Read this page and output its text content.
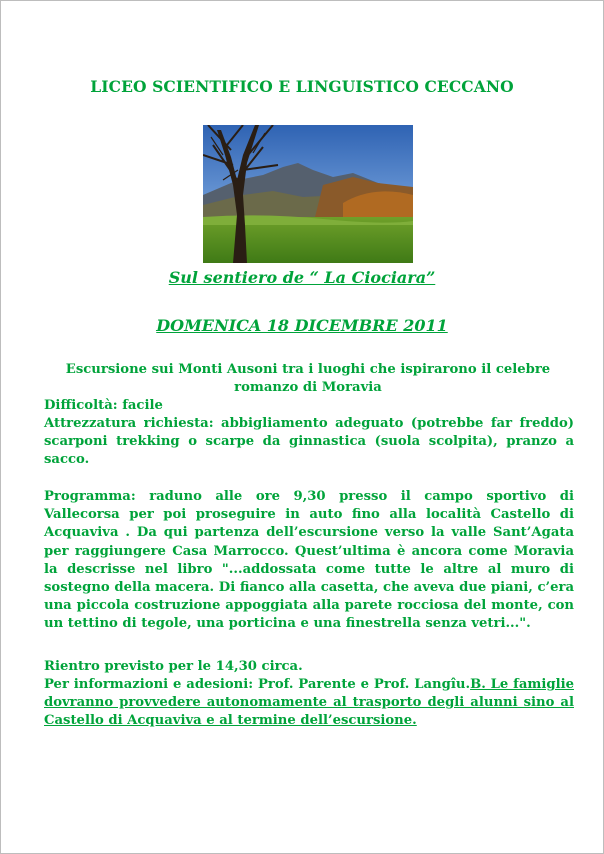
LICEO SCIENTIFICO E LINGUISTICO CECCANO
Sul sentiero de “ La Ciociara”
DOMENICA 18 DICEMBRE 2011
Escursione sui Monti Ausoni tra i luoghi che ispirarono il celebre romanzo di Moravia

Difficoltà: facile

Attrezzatura richiesta: abbigliamento adeguato (potrebbe far freddo) scarponi trekking o scarpe da ginnastica (suola scolpita), pranzo a sacco.

Programma: raduno alle ore 9,30 presso il campo sportivo di Vallecorsa per poi proseguire in auto fino alla località Castello di Acquaviva . Da qui partenza dell’escursione verso la valle Sant’Agata per raggiungere Casa Marrocco. Quest’ultima è ancora come Moravia la descrisse nel libro "...addossata come tutte le altre al muro di sostegno della macera. Di fianco alla casetta, che aveva due piani, c’era una piccola costruzione appoggiata alla parete rocciosa del monte, con un tettino di tegole, una porticina e una finestrella senza vetri...".

Rientro previsto per le 14,30 circa.

Per informazioni e adesioni: Prof. Parente e Prof. Langîu.B. Le famiglie dovranno provvedere autonomamente al trasporto degli alunni sino al Castello di Acquaviva e al termine dell’escursione.
